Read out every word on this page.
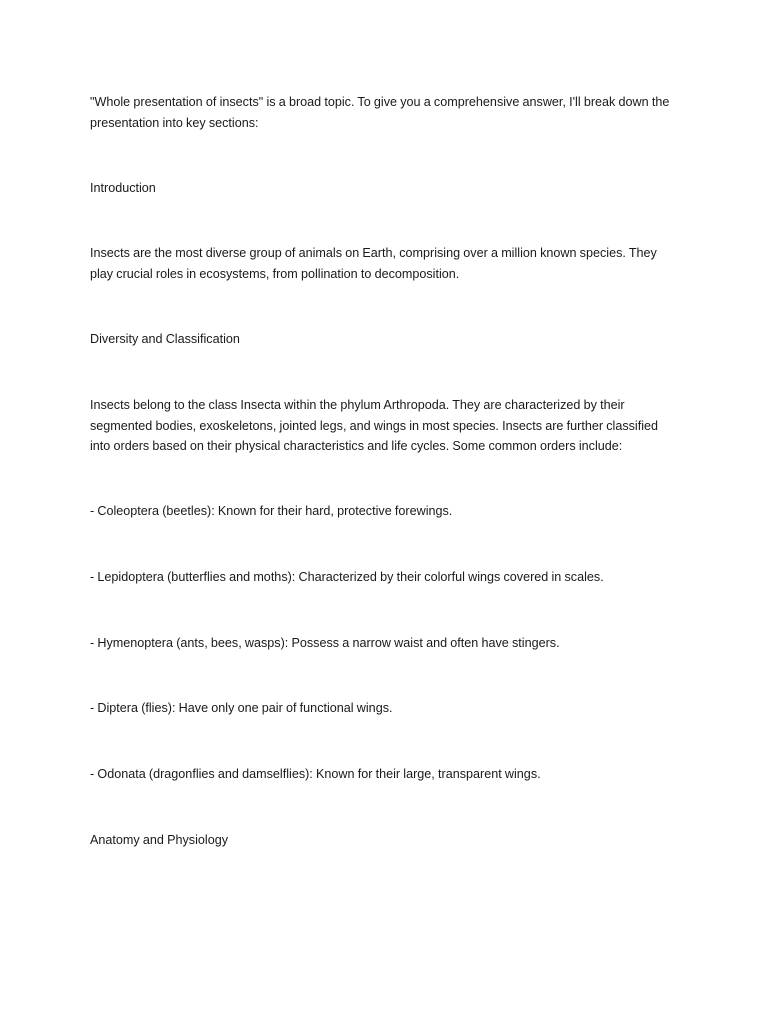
"Whole presentation of insects" is a broad topic. To give you a comprehensive answer, I'll break down the presentation into key sections:

Introduction

Insects are the most diverse group of animals on Earth, comprising over a million known species. They play crucial roles in ecosystems, from pollination to decomposition.

Diversity and Classification

Insects belong to the class Insecta within the phylum Arthropoda. They are characterized by their segmented bodies, exoskeletons, jointed legs, and wings in most species. Insects are further classified into orders based on their physical characteristics and life cycles. Some common orders include:

- Coleoptera (beetles): Known for their hard, protective forewings.

- Lepidoptera (butterflies and moths): Characterized by their colorful wings covered in scales.

- Hymenoptera (ants, bees, wasps): Possess a narrow waist and often have stingers.

- Diptera (flies): Have only one pair of functional wings.

- Odonata (dragonflies and damselflies): Known for their large, transparent wings.

Anatomy and Physiology
